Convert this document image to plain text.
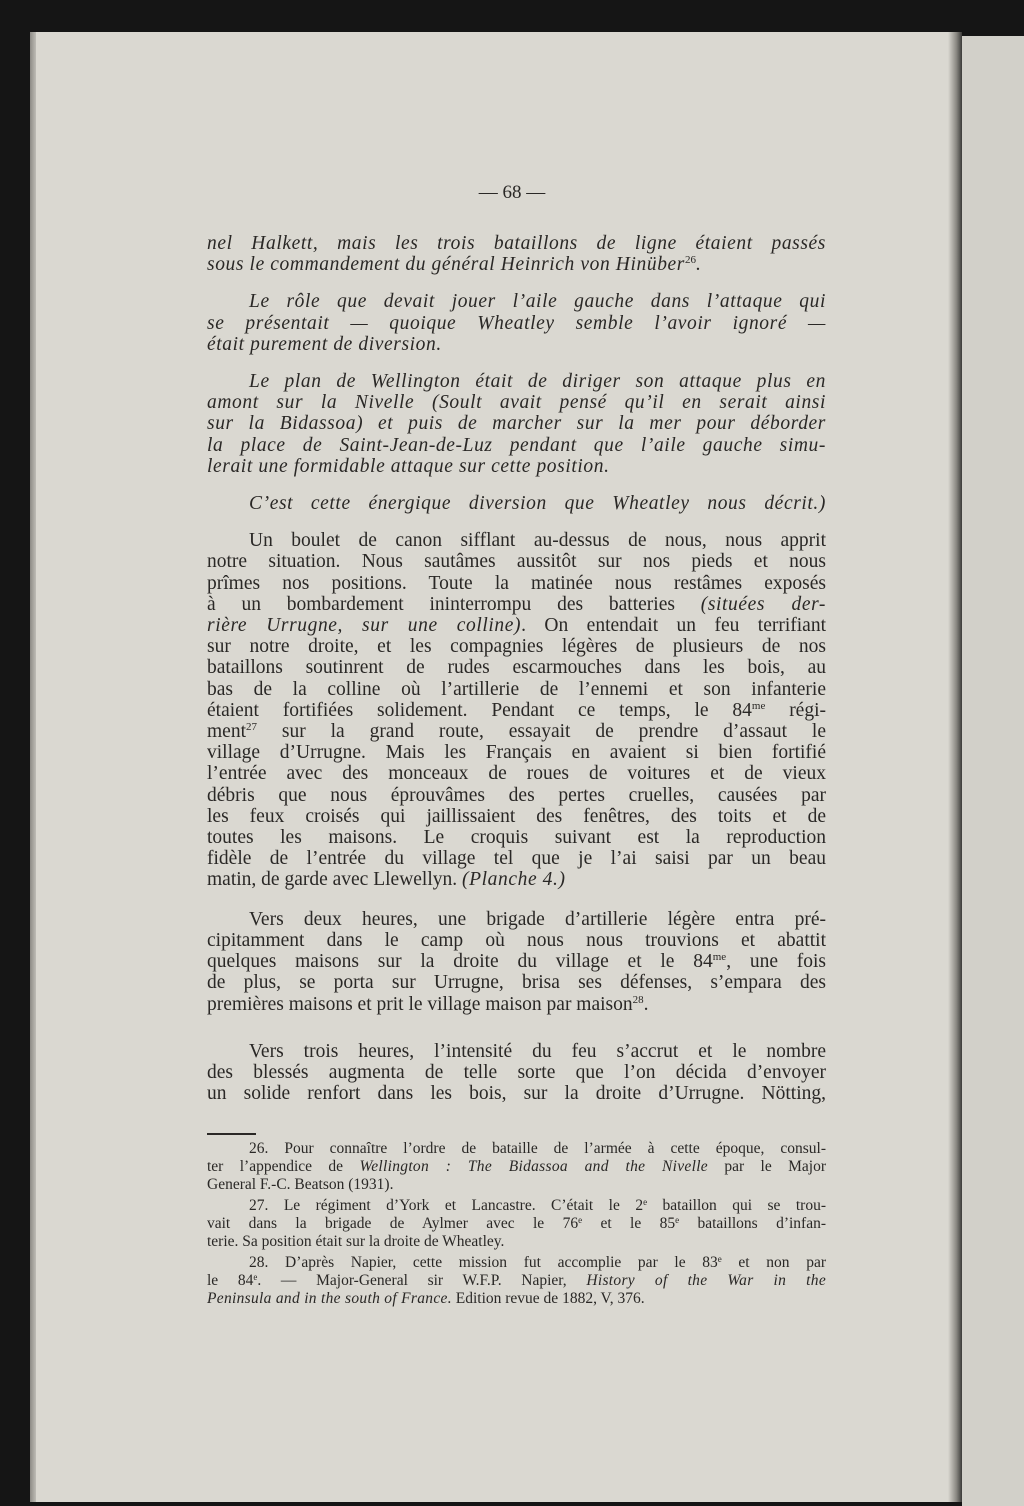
— 68 —
nel Halkett, mais les trois bataillons de ligne étaient passés
sous le commandement du général Heinrich von Hinüber$^{26}$.
Le rôle que devait jouer l’aile gauche dans l’attaque qui
se présentait — quoique Wheatley semble l’avoir ignoré —
était purement de diversion.
Le plan de Wellington était de diriger son attaque plus en
amont sur la Nivelle (Soult avait pensé qu’il en serait ainsi
sur la Bidassoa) et puis de marcher sur la mer pour déborder
la place de Saint-Jean-de-Luz pendant que l’aile gauche simu-
lerait une formidable attaque sur cette position.
C’est cette énergique diversion que Wheatley nous décrit.)
Un boulet de canon sifflant au-dessus de nous, nous apprit
notre situation. Nous sautâmes aussitôt sur nos pieds et nous
prîmes nos positions. Toute la matinée nous restâmes exposés
à un bombardement ininterrompu des batteries (situées der-
rière Urrugne, sur une colline). On entendait un feu terrifiant
sur notre droite, et les compagnies légères de plusieurs de nos
bataillons soutinrent de rudes escarmouches dans les bois, au
bas de la colline où l’artillerie de l’ennemi et son infanterie
étaient fortifiées solidement. Pendant ce temps, le $84^{me}$ régi-
ment$^{27}$ sur la grand route, essayait de prendre d’assaut le
village d’Urrugne. Mais les Français en avaient si bien fortifié
l’entrée avec des monceaux de roues de voitures et de vieux
débris que nous éprouvâmes des pertes cruelles, causées par
les feux croisés qui jaillissaient des fenêtres, des toits et de
toutes les maisons. Le croquis suivant est la reproduction
fidèle de l’entrée du village tel que je l’ai saisi par un beau
matin, de garde avec Llewellyn. (Planche 4.)
Vers deux heures, une brigade d’artillerie légère entra pré-
cipitamment dans le camp où nous nous trouvions et abattit
quelques maisons sur la droite du village et le $84^{me}$, une fois
de plus, se porta sur Urrugne, brisa ses défenses, s’empara des
premières maisons et prit le village maison par maison$^{28}$.
Vers trois heures, l’intensité du feu s’accrut et le nombre
des blessés augmenta de telle sorte que l’on décida d’envoyer
un solide renfort dans les bois, sur la droite d’Urrugne. Nötting,
26. Pour connaître l’ordre de bataille de l’armée à cette époque, consul-
ter l’appendice de Wellington : The Bidassoa and the Nivelle par le Major
General F.-C. Beatson (1931).
27. Le régiment d’York et Lancastre. C’était le 2e bataillon qui se trou-
vait dans la brigade de Aylmer avec le 76e et le 85e bataillons d’infan-
terie. Sa position était sur la droite de Wheatley.
28. D’après Napier, cette mission fut accomplie par le 83e et non par
le 84e. — Major-General sir W.F.P. Napier, History of the War in the
Peninsula and in the south of France. Edition revue de 1882, V, 376.
